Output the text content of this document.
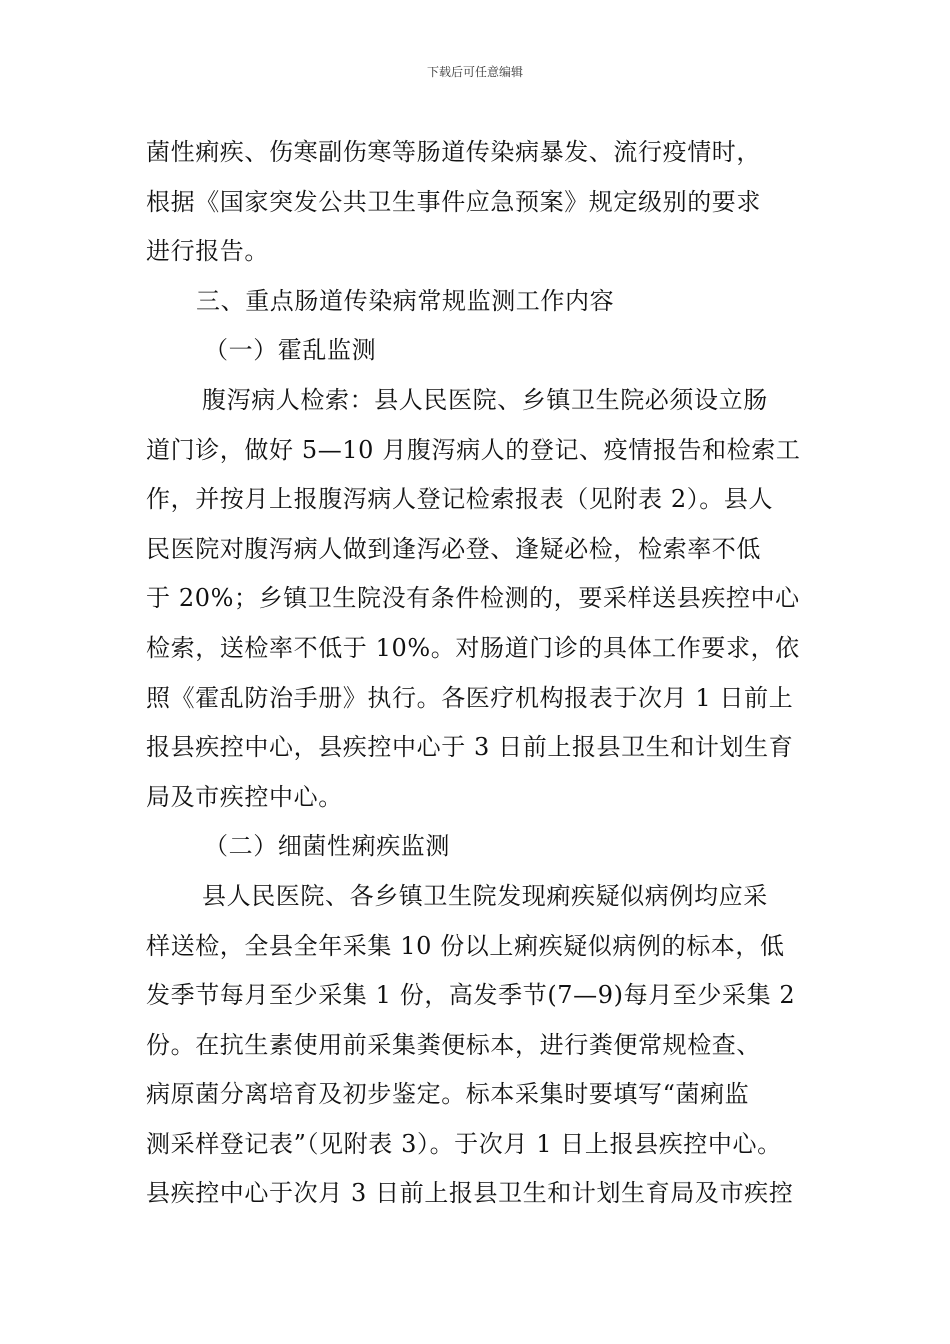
下载后可任意编辑
菌性痢疾、伤寒副伤寒等肠道传染病暴发、流行疫情时，
根据《国家突发公共卫生事件应急预案》规定级别的要求
进行报告。
三、重点肠道传染病常规监测工作内容
（一）霍乱监测
腹泻病人检索：县人民医院、乡镇卫生院必须设立肠
道门诊，做好 5—10 月腹泻病人的登记、疫情报告和检索工
作，并按月上报腹泻病人登记检索报表（见附表 2）。县人
民医院对腹泻病人做到逢泻必登、逢疑必检，检索率不低
于 20%；乡镇卫生院没有条件检测的，要采样送县疾控中心
检索，送检率不低于 10%。对肠道门诊的具体工作要求，依
照《霍乱防治手册》执行。各医疗机构报表于次月 1 日前上
报县疾控中心，县疾控中心于 3 日前上报县卫生和计划生育
局及市疾控中心。
（二）细菌性痢疾监测
县人民医院、各乡镇卫生院发现痢疾疑似病例均应采
样送检，全县全年采集 10 份以上痢疾疑似病例的标本，低
发季节每月至少采集 1 份，高发季节(7—9)每月至少采集 2
份。在抗生素使用前采集粪便标本，进行粪便常规检查、
病原菌分离培育及初步鉴定。标本采集时要填写“菌痢监
测采样登记表”（见附表 3）。于次月 1 日上报县疾控中心。
县疾控中心于次月 3 日前上报县卫生和计划生育局及市疾控
